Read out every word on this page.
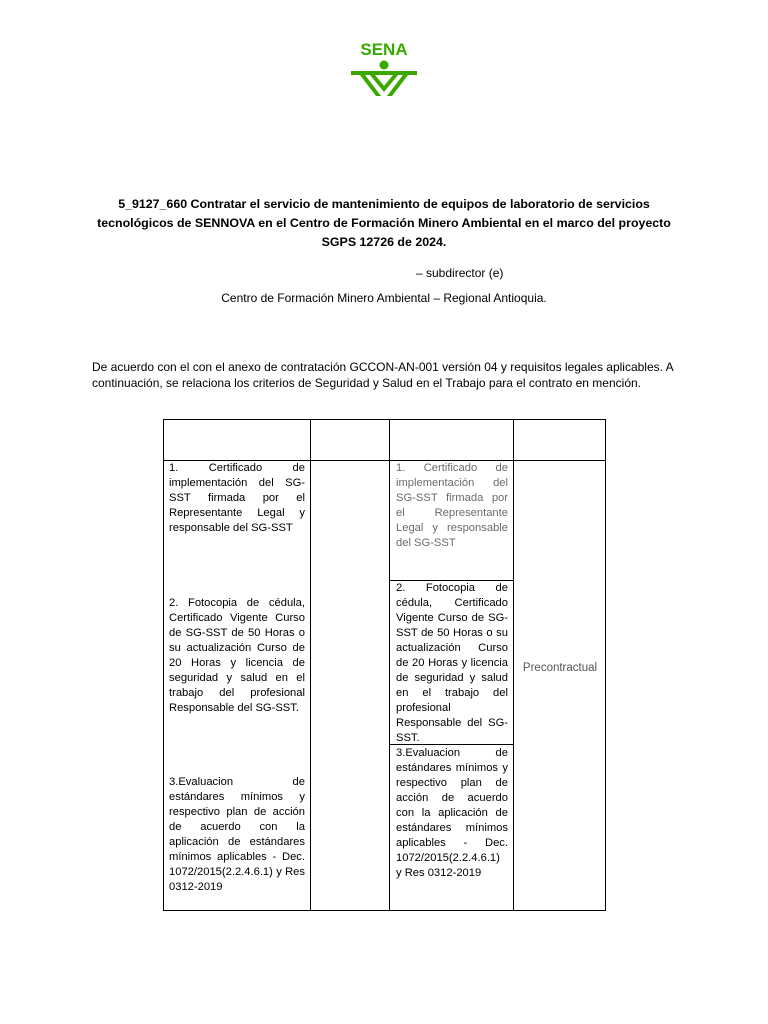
SENA
5_9127_660 Contratar el servicio de mantenimiento de equipos de laboratorio de servicios tecnológicos de SENNOVA en el Centro de Formación Minero Ambiental en el marco del proyecto SGPS 12726 de 2024.
– subdirector (e)
Centro de Formación Minero Ambiental – Regional Antioquia.
De acuerdo con el con el anexo de contratación GCCON-AN-001 versión 04 y requisitos legales aplicables. A continuación, se relaciona los criterios de Seguridad y Salud en el Trabajo para el contrato en mención.
1. Certificado de implementación del SG-SST firmada por el Representante Legal y responsable del SG-SST
2. Fotocopia de cédula, Certificado Vigente Curso de SG-SST de 50 Horas o su actualización Curso de 20 Horas y licencia de seguridad y salud en el trabajo del profesional Responsable del SG-SST.
3.Evaluacion de estándares mínimos y respectivo plan de acción de acuerdo con la aplicación de estándares mínimos aplicables - Dec. 1072/2015(2.2.4.6.1) y Res 0312-2019
1. Certificado de implementación del SG-SST firmada por el Representante Legal y responsable del SG-SST
2. Fotocopia de cédula, Certificado Vigente Curso de SG-SST de 50 Horas o su actualización Curso de 20 Horas y licencia de seguridad y salud en el trabajo del profesional Responsable del SG-SST.
3.Evaluacion de estándares mínimos y respectivo plan de acción de acuerdo con la aplicación de estándares mínimos aplicables - Dec. 1072/2015(2.2.4.6.1) y Res 0312-2019
Precontractual
